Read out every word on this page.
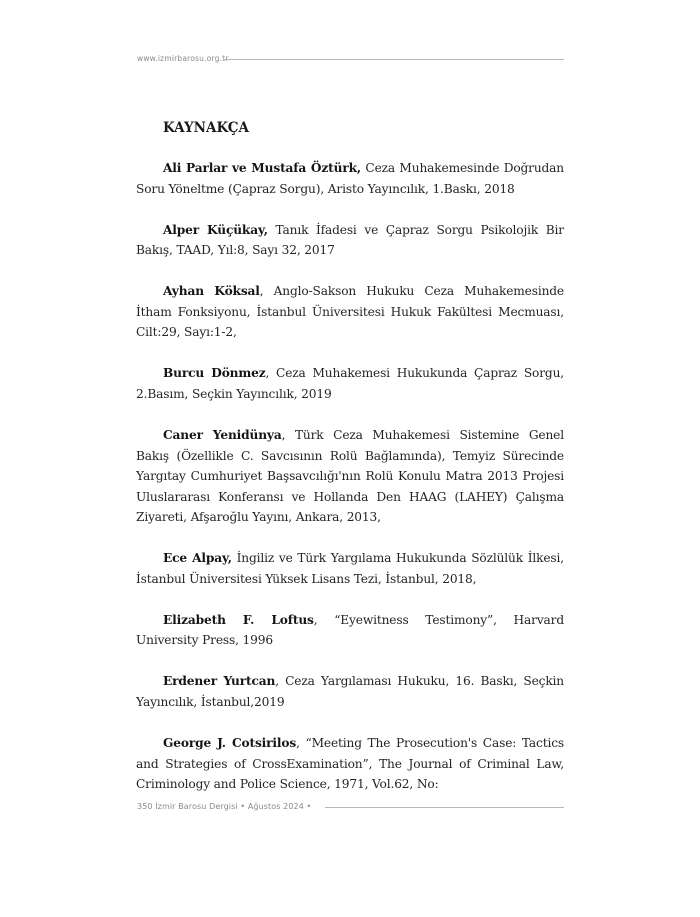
www.izmirbarosu.org.tr
KAYNAKÇA

Ali Parlar ve Mustafa Öztürk, Ceza Muhakemesinde Doğrudan Soru Yöneltme (Çapraz Sorgu), Aristo Yayıncılık, 1.Baskı, 2018

Alper Küçükay, Tanık İfadesi ve Çapraz Sorgu Psikolojik Bir Bakış, TAAD, Yıl:8, Sayı 32, 2017

Ayhan Köksal, Anglo-Sakson Hukuku Ceza Muhakemesinde İtham Fonksiyonu, İstanbul Üniversitesi Hukuk Fakültesi Mecmuası, Cilt:29, Sayı:1-2,

Burcu Dönmez, Ceza Muhakemesi Hukukunda Çapraz Sorgu, 2.Basım, Seçkin Yayıncılık, 2019

Caner Yenidünya, Türk Ceza Muhakemesi Sistemine Genel Bakış (Özellikle C. Savcısının Rolü Bağlamında), Temyiz Sürecinde Yargıtay Cumhuriyet Başsavcılığı'nın Rolü Konulu Matra 2013 Projesi Uluslararası Konferansı ve Hollanda Den HAAG (LAHEY) Çalışma Ziyareti, Afşaroğlu Yayını, Ankara, 2013,

Ece Alpay, İngiliz ve Türk Yargılama Hukukunda Sözlülük İlkesi, İstanbul Üniversitesi Yüksek Lisans Tezi, İstanbul, 2018,

Elizabeth F. Loftus, “Eyewitness Testimony”, Harvard University Press, 1996

Erdener Yurtcan, Ceza Yargılaması Hukuku, 16. Baskı, Seçkin Yayıncılık, İstanbul,2019

George J. Cotsirilos, “Meeting The Prosecution's Case: Tactics and Strategies of CrossExamination”, The Journal of Criminal Law, Criminology and Police Science, 1971, Vol.62, No:

350 İzmir Barosu Dergisi • Ağustos 2024 •
